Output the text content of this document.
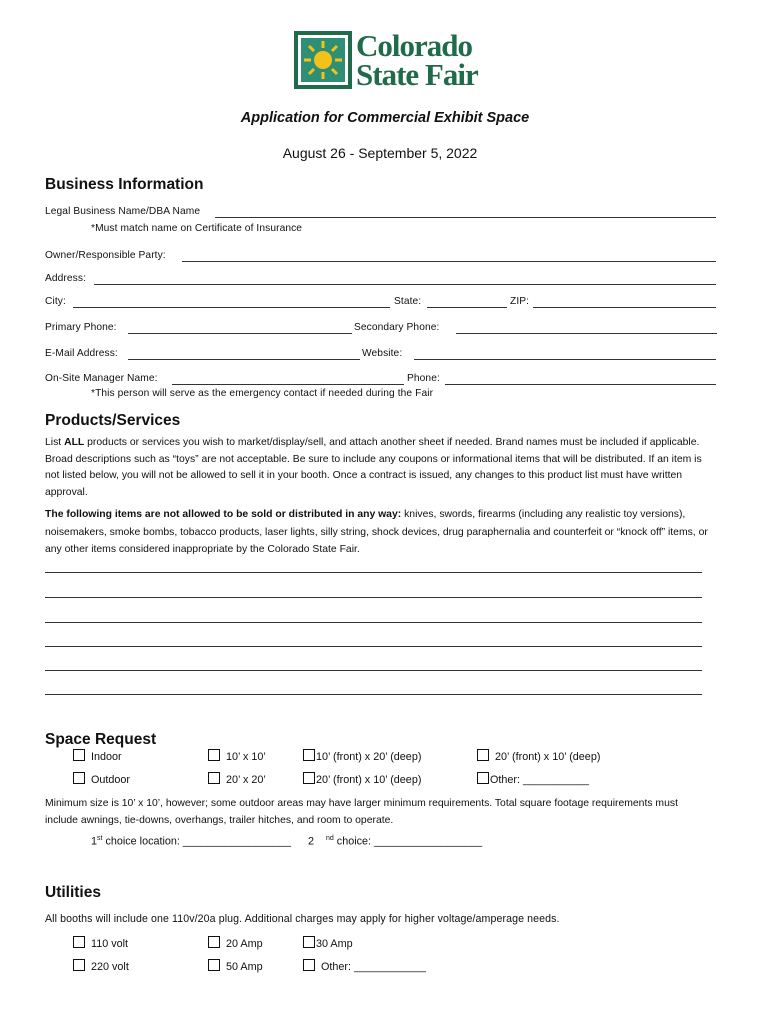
Colorado
State Fair
Application for Commercial Exhibit Space
August 26 - September 5, 2022
Business Information
Legal Business Name/DBA Name
*Must match name on Certificate of Insurance
Owner/Responsible Party:
Address:
City:	State:	ZIP:
Primary Phone:	Secondary Phone:
E-Mail Address:	Website:
On-Site Manager Name:	Phone:
*This person will serve as the emergency contact if needed during the Fair
Products/Services
List ALL products or services you wish to market/display/sell, and attach another sheet if needed. Brand names must be included if applicable. Broad descriptions such as “toys” are not acceptable. Be sure to include any coupons or informational items that will be distributed. If an item is not listed below, you will not be allowed to sell it in your booth. Once a contract is issued, any changes to this product list must have written approval.
The following items are not allowed to be sold or distributed in any way: knives, swords, firearms (including any realistic toy versions), noisemakers, smoke bombs, tobacco products, laser lights, silly string, shock devices, drug paraphernalia and counterfeit or “knock off” items, or any other items considered inappropriate by the Colorado State Fair.
Space Request
Indoor	10’ x 10’	10’ (front) x 20’ (deep)	20’ (front) x 10’ (deep)
Outdoor	20’ x 20’	20’ (front) x 10’ (deep)	Other: ___________
Minimum size is 10’ x 10’, however; some outdoor areas may have larger minimum requirements. Total square footage requirements must include awnings, tie-downs, overhangs, trailer hitches, and room to operate.
1st choice location: __________________ 2 $^{nd}$ choice: __________________
Utilities
All booths will include one 110v/20a plug. Additional charges may apply for higher voltage/amperage needs.
110 volt	20 Amp	30 Amp
220 volt	50 Amp	Other: ____________
